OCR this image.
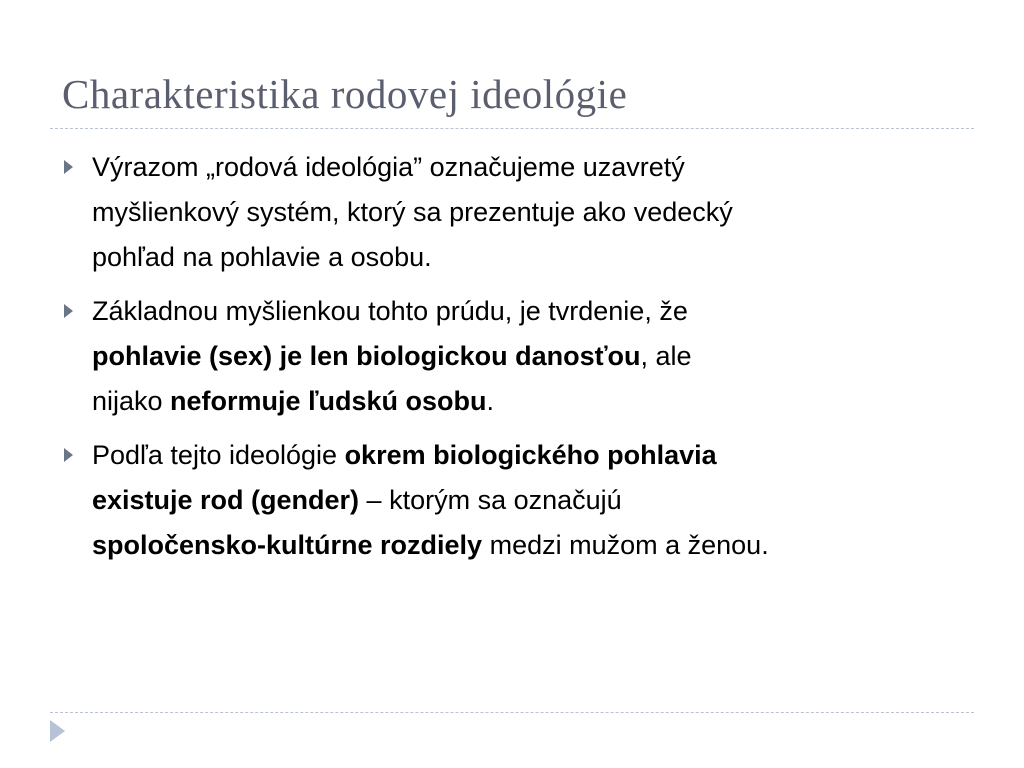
Charakteristika rodovej ideológie
Výrazom „rodová ideológia” označujeme uzavretý
myšlienkový systém, ktorý sa prezentuje ako vedecký
pohľad na pohlavie a osobu.
Základnou myšlienkou tohto prúdu, je tvrdenie, že
pohlavie (sex) je len biologickou danosťou, ale
nijako neformuje ľudskú osobu.
Podľa tejto ideológie okrem biologického pohlavia
existuje rod (gender) – ktorým sa označujú
spoločensko-kultúrne rozdiely medzi mužom a ženou.
